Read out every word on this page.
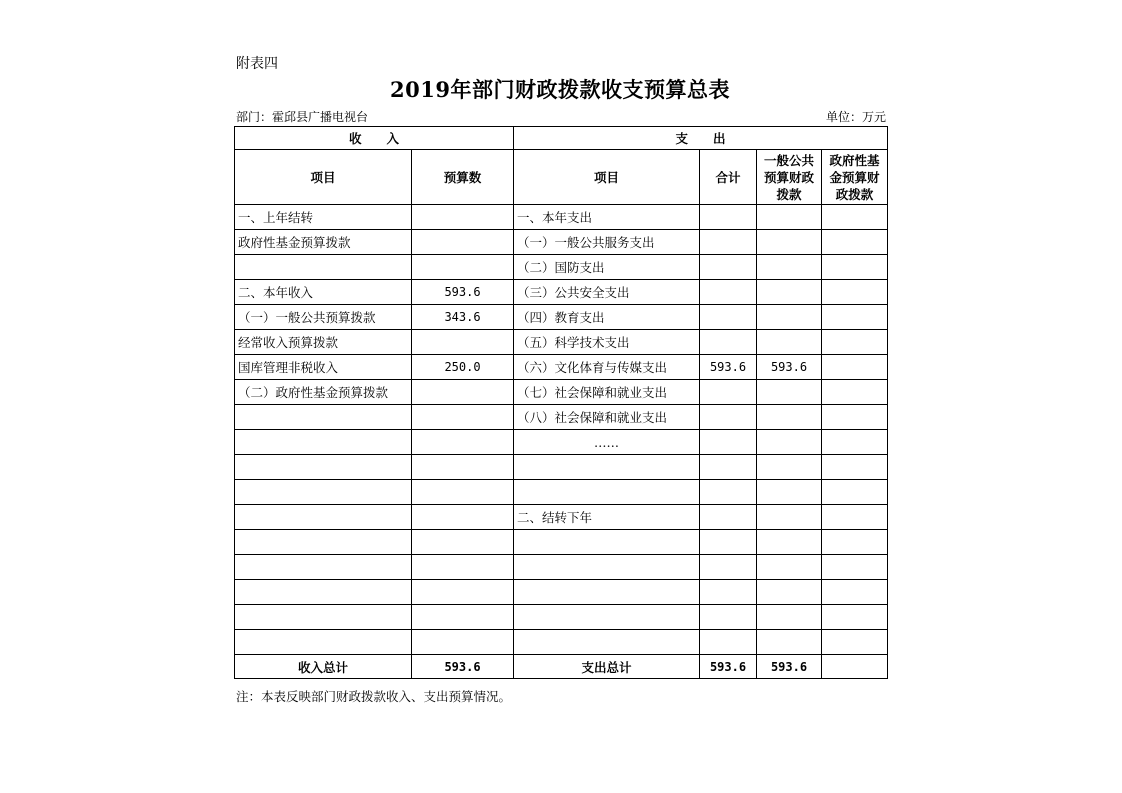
附表四
2019年部门财政拨款收支预算总表
部门：霍邱县广播电视台	单位：万元
收　　入		支　　出			
项目	预算数	项目	合计	一般公共预算财政拨款	政府性基金预算财政拨款
一、上年结转		一、本年支出			
政府性基金预算拨款		（一）一般公共服务支出			
		（二）国防支出			
二、本年收入	593.6	（三）公共安全支出			
（一）一般公共预算拨款	343.6	（四）教育支出			
经常收入预算拨款		（五）科学技术支出			
国库管理非税收入	250.0	（六）文化体育与传媒支出	593.6	593.6	
（二）政府性基金预算拨款		（七）社会保障和就业支出			
		（八）社会保障和就业支出			
		……			

		二、结转下年			

收入总计	593.6	支出总计	593.6	593.6	
注：本表反映部门财政拨款收入、支出预算情况。
